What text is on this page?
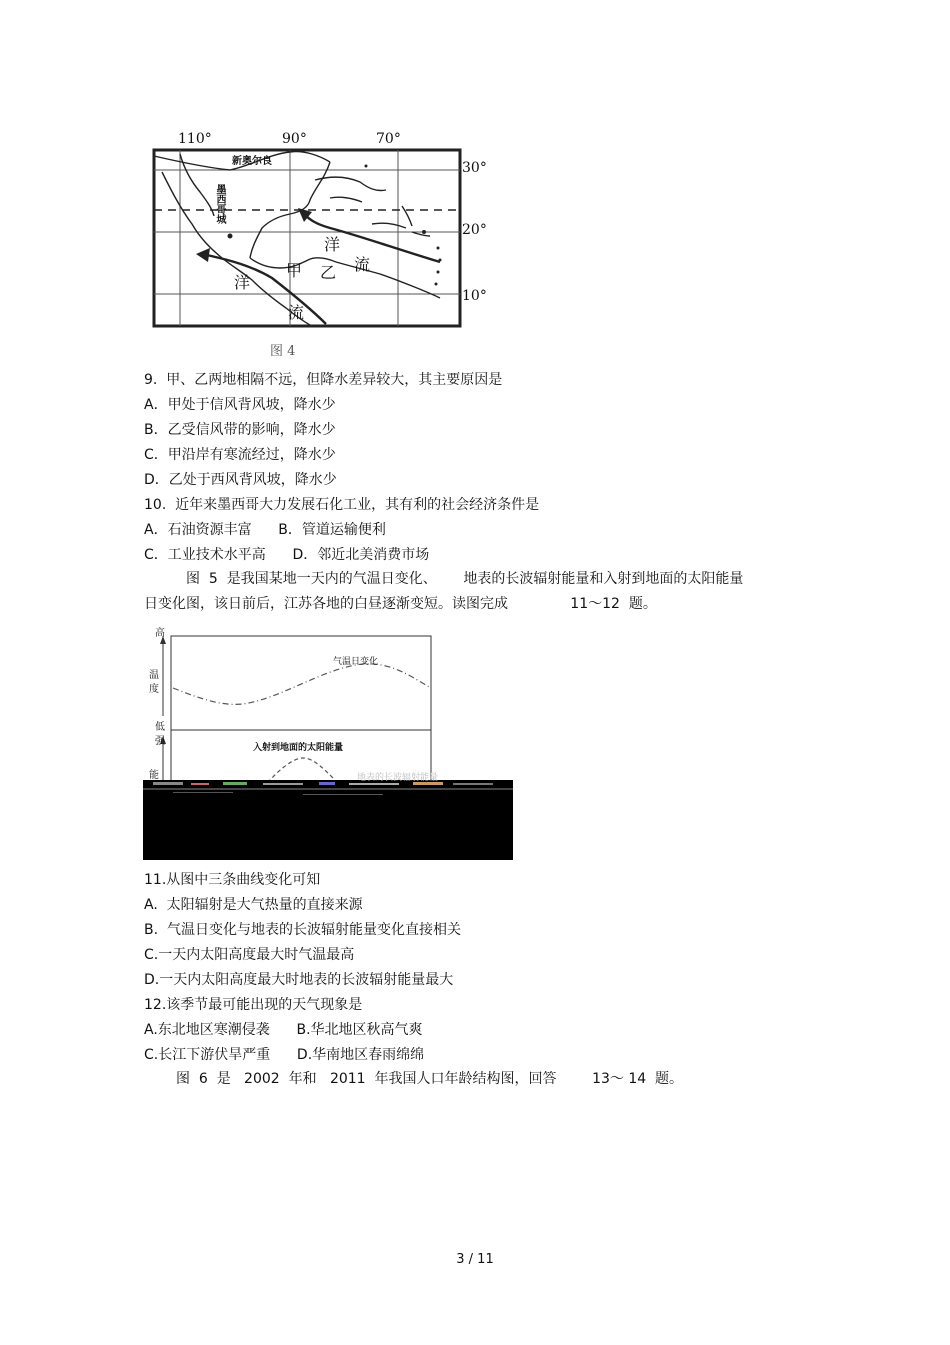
110°	90°	70°
30°
20°
10°
新奥尔良
墨西哥城
甲 乙
洋
流
洋
流
图 4
9.  甲、乙两地相隔不远，但降水差异较大，其主要原因是
A．甲处于信风背风坡，降水少
B．乙受信风带的影响，降水少
C．甲沿岸有寒流经过，降水少
D．乙处于西风背风坡，降水少
10.  近年来墨西哥大力发展石化工业，其有利的社会经济条件是
A．石油资源丰富      B．管道运输便利
C．工业技术水平高      D．邻近北美消费市场
图  5  是我国某地一天内的气温日变化、      地表的长波辐射能量和入射到地面的太阳能量
日变化图，该日前后，江苏各地的白昼逐渐变短。读图完成              11～12  题。
高
温
度
低
强
能
气温日变化
入射到地面的太阳能量
地表的长波辐射能量
11.从图中三条曲线变化可知
A.  太阳辐射是大气热量的直接来源
B.  气温日变化与地表的长波辐射能量变化直接相关
C.一天内太阳高度最大时气温最高
D.一天内太阳高度最大时地表的长波辐射能量最大
12.该季节最可能出现的天气现象是
A.东北地区寒潮侵袭      B.华北地区秋高气爽
C.长江下游伏旱严重      D.华南地区春雨绵绵
图  6  是   2002  年和   2011  年我国人口年龄结构图，回答        13～ 14  题。
3 / 11
